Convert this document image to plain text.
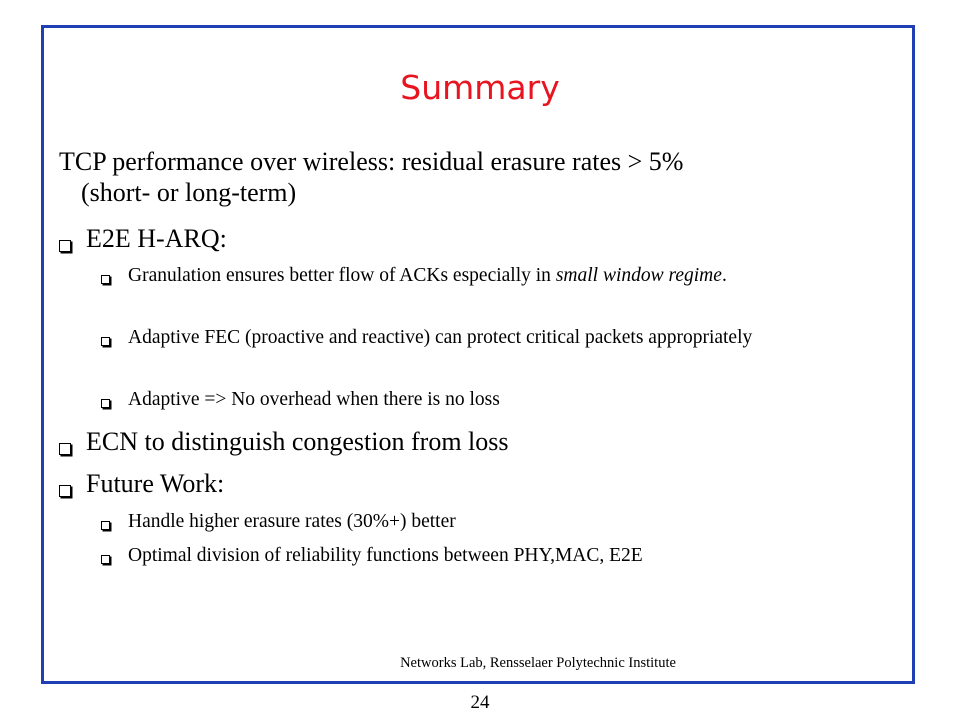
Summary
TCP performance over wireless: residual erasure rates > 5%
(short- or long-term)
E2E H-ARQ:
Granulation ensures better flow of ACKs especially in small window regime.
Adaptive FEC (proactive and reactive) can protect critical packets appropriately
Adaptive => No overhead when there is no loss
ECN to distinguish congestion from loss
Future Work:
Handle higher erasure rates (30%+) better
Optimal division of reliability functions between PHY,MAC, E2E
Networks Lab, Rensselaer Polytechnic Institute
24
